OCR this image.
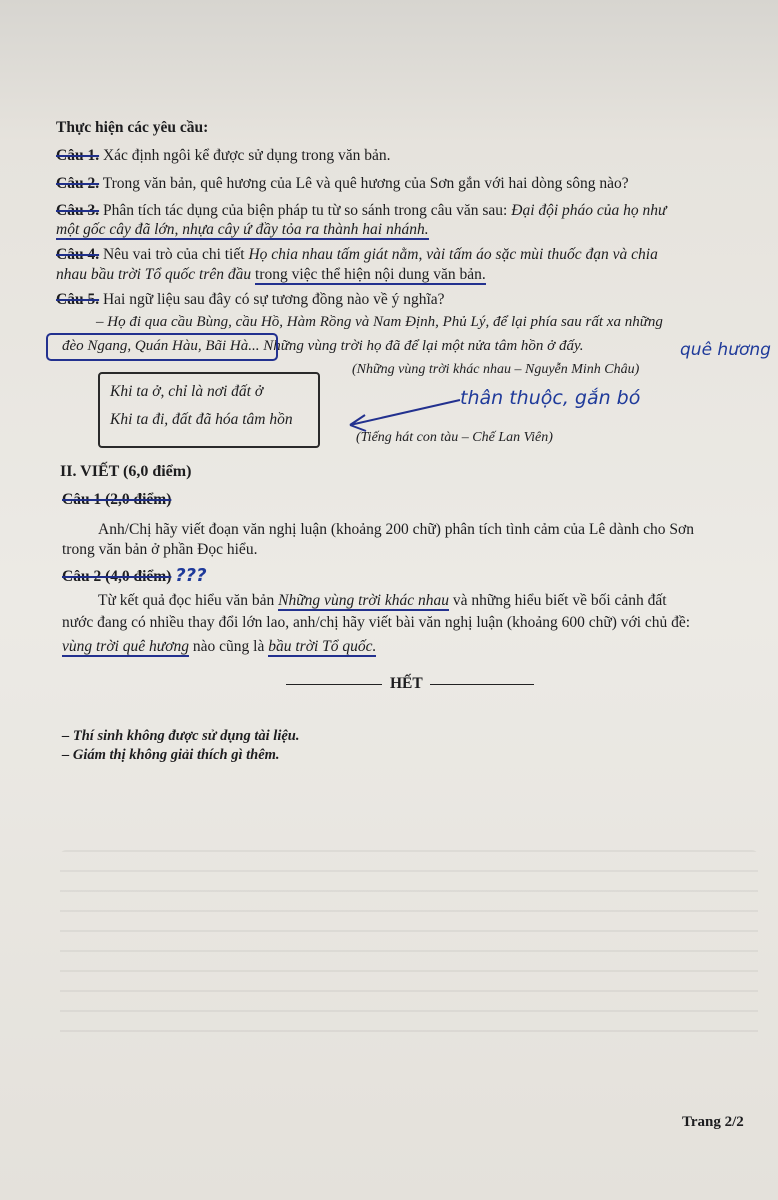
Thực hiện các yêu cầu:
Câu 1. Xác định ngôi kể được sử dụng trong văn bản.
Câu 2. Trong văn bản, quê hương của Lê và quê hương của Sơn gắn với hai dòng sông nào?
Câu 3. Phân tích tác dụng của biện pháp tu từ so sánh trong câu văn sau: Đại đội pháo của họ như
một gốc cây đã lớn, nhựa cây ứ đầy tỏa ra thành hai nhánh.
Câu 4. Nêu vai trò của chi tiết Họ chia nhau tấm giát nằm, vài tấm áo sặc mùi thuốc đạn và chia
nhau bầu trời Tổ quốc trên đầu trong việc thể hiện nội dung văn bản.
Câu 5. Hai ngữ liệu sau đây có sự tương đồng nào về ý nghĩa?
– Họ đi qua cầu Bùng, cầu Hồ, Hàm Rồng và Nam Định, Phủ Lý, để lại phía sau rất xa những
đèo Ngang, Quán Hàu, Bãi Hà... Những vùng trời họ đã để lại một nửa tâm hồn ở đấy.
(Những vùng trời khác nhau – Nguyễn Minh Châu)
quê hương
Khi ta ở, chỉ là nơi đất ở
Khi ta đi, đất đã hóa tâm hồn
(Tiếng hát con tàu – Chế Lan Viên)
thân thuộc, gắn bó
II. VIẾT (6,0 điểm)
Câu 1 (2,0 điểm)
Anh/Chị hãy viết đoạn văn nghị luận (khoảng 200 chữ) phân tích tình cảm của Lê dành cho Sơn
trong văn bản ở phần Đọc hiểu.
Câu 2 (4,0 điểm) ???
Từ kết quả đọc hiểu văn bản Những vùng trời khác nhau và những hiểu biết về bối cảnh đất
nước đang có nhiều thay đổi lớn lao, anh/chị hãy viết bài văn nghị luận (khoảng 600 chữ) với chủ đề:
vùng trời quê hương nào cũng là bầu trời Tổ quốc.
HẾT
– Thí sinh không được sử dụng tài liệu.
– Giám thị không giải thích gì thêm.
Trang 2/2
